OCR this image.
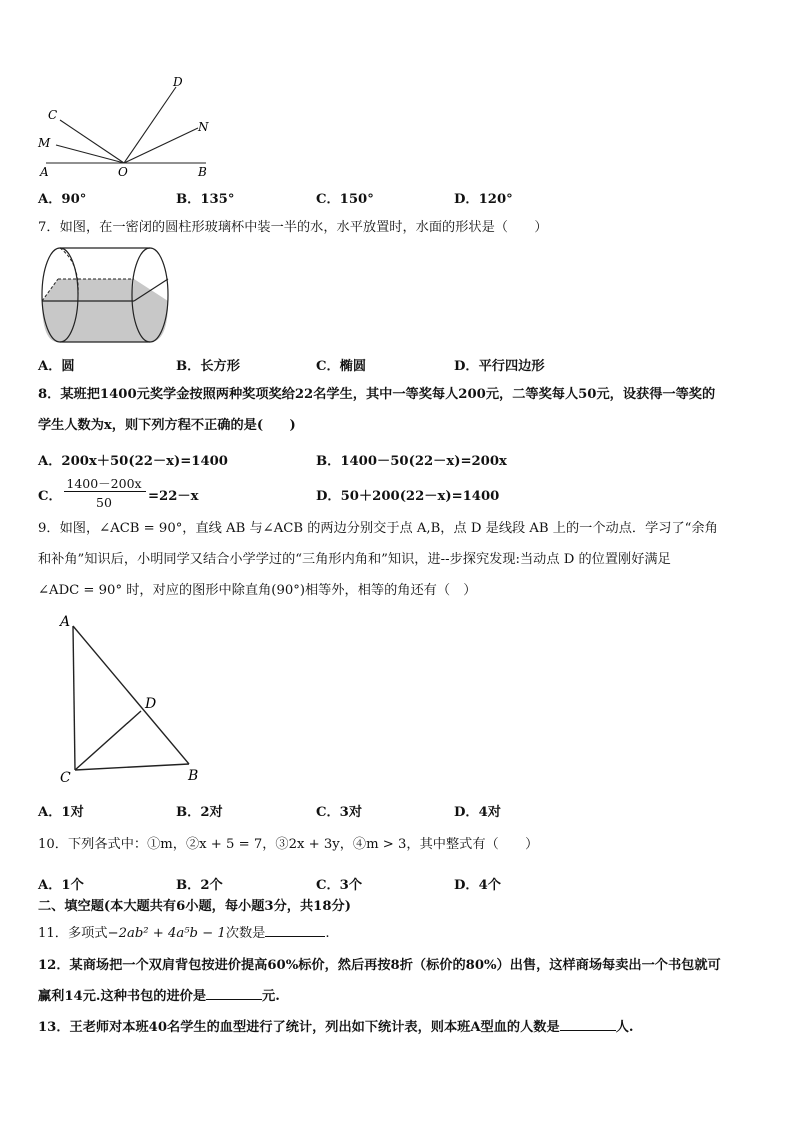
C
D
M
N
A	O	B
A．90°	B．135°	C．150°	D．120°
7．如图，在一密闭的圆柱形玻璃杯中装一半的水，水平放置时，水面的形状是（　　）
A．圆	B．长方形	C．椭圆	D．平行四边形
8．某班把1400元奖学金按照两种奖项奖给22名学生，其中一等奖每人200元，二等奖每人50元，设获得一等奖的
学生人数为x，则下列方程不正确的是(　　)
A．200x＋50(22－x)=1400	B．1400－50(22－x)=200x
C．
1400－200x
50	=22－x	D．50＋200(22－x)=1400
9．如图，∠ACB = 90°，直线 AB 与∠ACB 的两边分别交于点 A,B，点 D 是线段 AB 上的一个动点．学习了“余角
和补角”知识后，小明同学又结合小学学过的“三角形内角和”知识，进--步探究发现:当动点 D 的位置刚好满足
∠ADC = 90° 时，对应的图形中除直角(90°)相等外，相等的角还有（　）
A
D
C	B
A．1对	B．2对	C．3对	D．4对
10．下列各式中：①m，②x + 5 = 7，③2x + 3y，④m > 3，其中整式有（　　）
A．1个	B．2个	C．3个	D．4个
二、填空题(本大题共有6小题，每小题3分，共18分)
11．多项式−2ab² + 4a⁵b − 1次数是	.
12．某商场把一个双肩背包按进价提高60%标价，然后再按8折（标价的80%）出售，这样商场每卖出一个书包就可
赢利14元.这种书包的进价是	元.
13．王老师对本班40名学生的血型进行了统计，列出如下统计表，则本班A型血的人数是	人.
